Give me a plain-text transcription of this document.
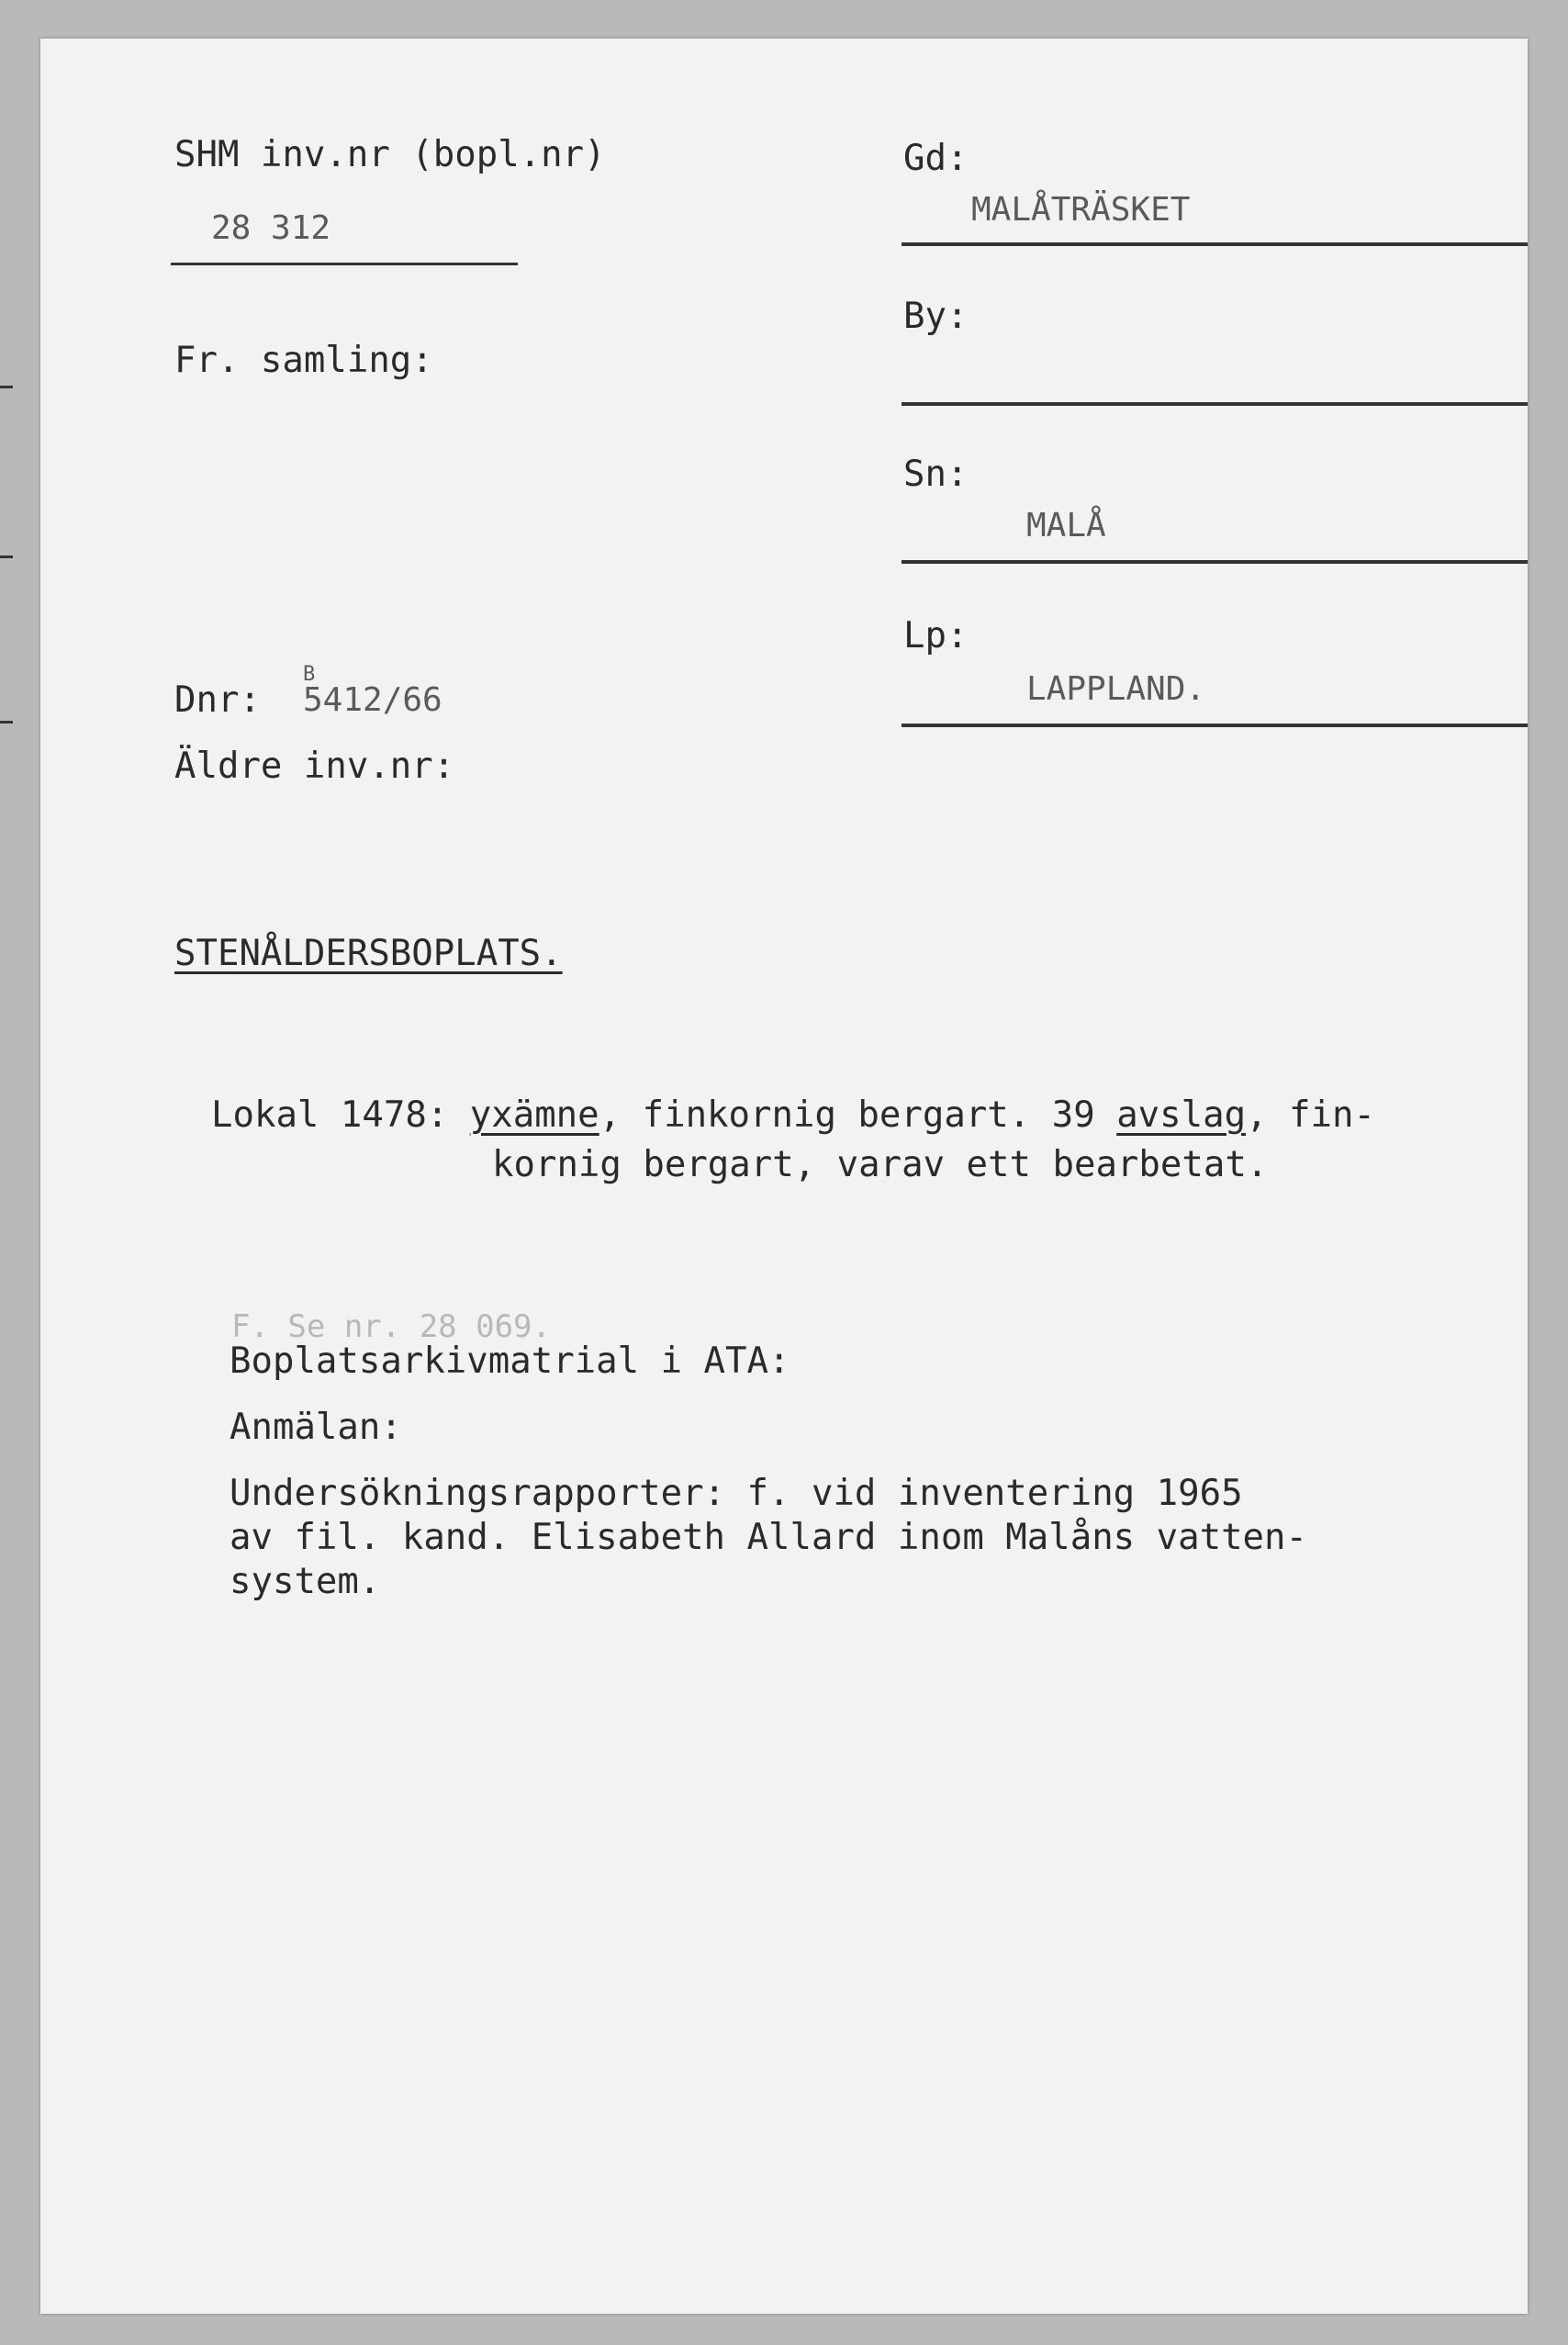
SHM inv.nr (bopl.nr)
28 312
Fr. samling:
Dnr:
B
5412/66
Äldre inv.nr:
Gd:
MALÅTRÄSKET
By:
Sn:
MALÅ
Lp:
LAPPLAND.
STENÅLDERSBOPLATS.
Lokal 1478: yxämne, finkornig bergart. 39 avslag, fin-
kornig bergart, varav ett bearbetat.
F. Se nr. 28 069.
Boplatsarkivmatrial i ATA:
Anmälan:
Undersökningsrapporter: f. vid inventering 1965
av fil. kand. Elisabeth Allard inom Malåns vatten-
system.
